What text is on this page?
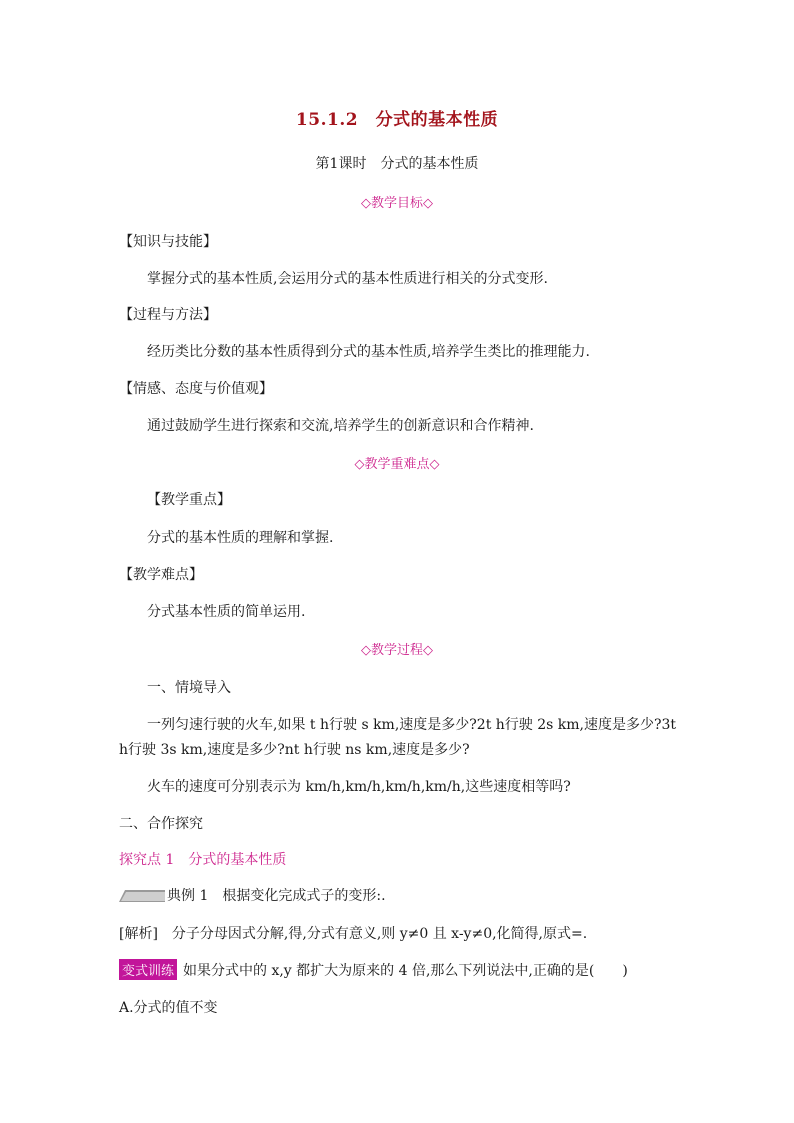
15.1.2　分式的基本性质
第1课时　分式的基本性质
◇教学目标◇
【知识与技能】
掌握分式的基本性质,会运用分式的基本性质进行相关的分式变形.
【过程与方法】
经历类比分数的基本性质得到分式的基本性质,培养学生类比的推理能力.
【情感、态度与价值观】
通过鼓励学生进行探索和交流,培养学生的创新意识和合作精神.
◇教学重难点◇
【教学重点】
分式的基本性质的理解和掌握.
【教学难点】
分式基本性质的简单运用.
◇教学过程◇
一、情境导入
一列匀速行驶的火车,如果 t h行驶 s km,速度是多少?2t h行驶 2s km,速度是多少?3t
h行驶 3s km,速度是多少?nt h行驶 ns km,速度是多少?
火车的速度可分别表示为 km/h,km/h,km/h,km/h,这些速度相等吗?
二、合作探究
探究点 1　分式的基本性质
典例 1　根据变化完成式子的变形:.
[解析]　分子分母因式分解,得,分式有意义,则 y≠0 且 x-y≠0,化简得,原式=.
变式训练 如果分式中的 x,y 都扩大为原来的 4 倍,那么下列说法中,正确的是(　　)
A.分式的值不变
